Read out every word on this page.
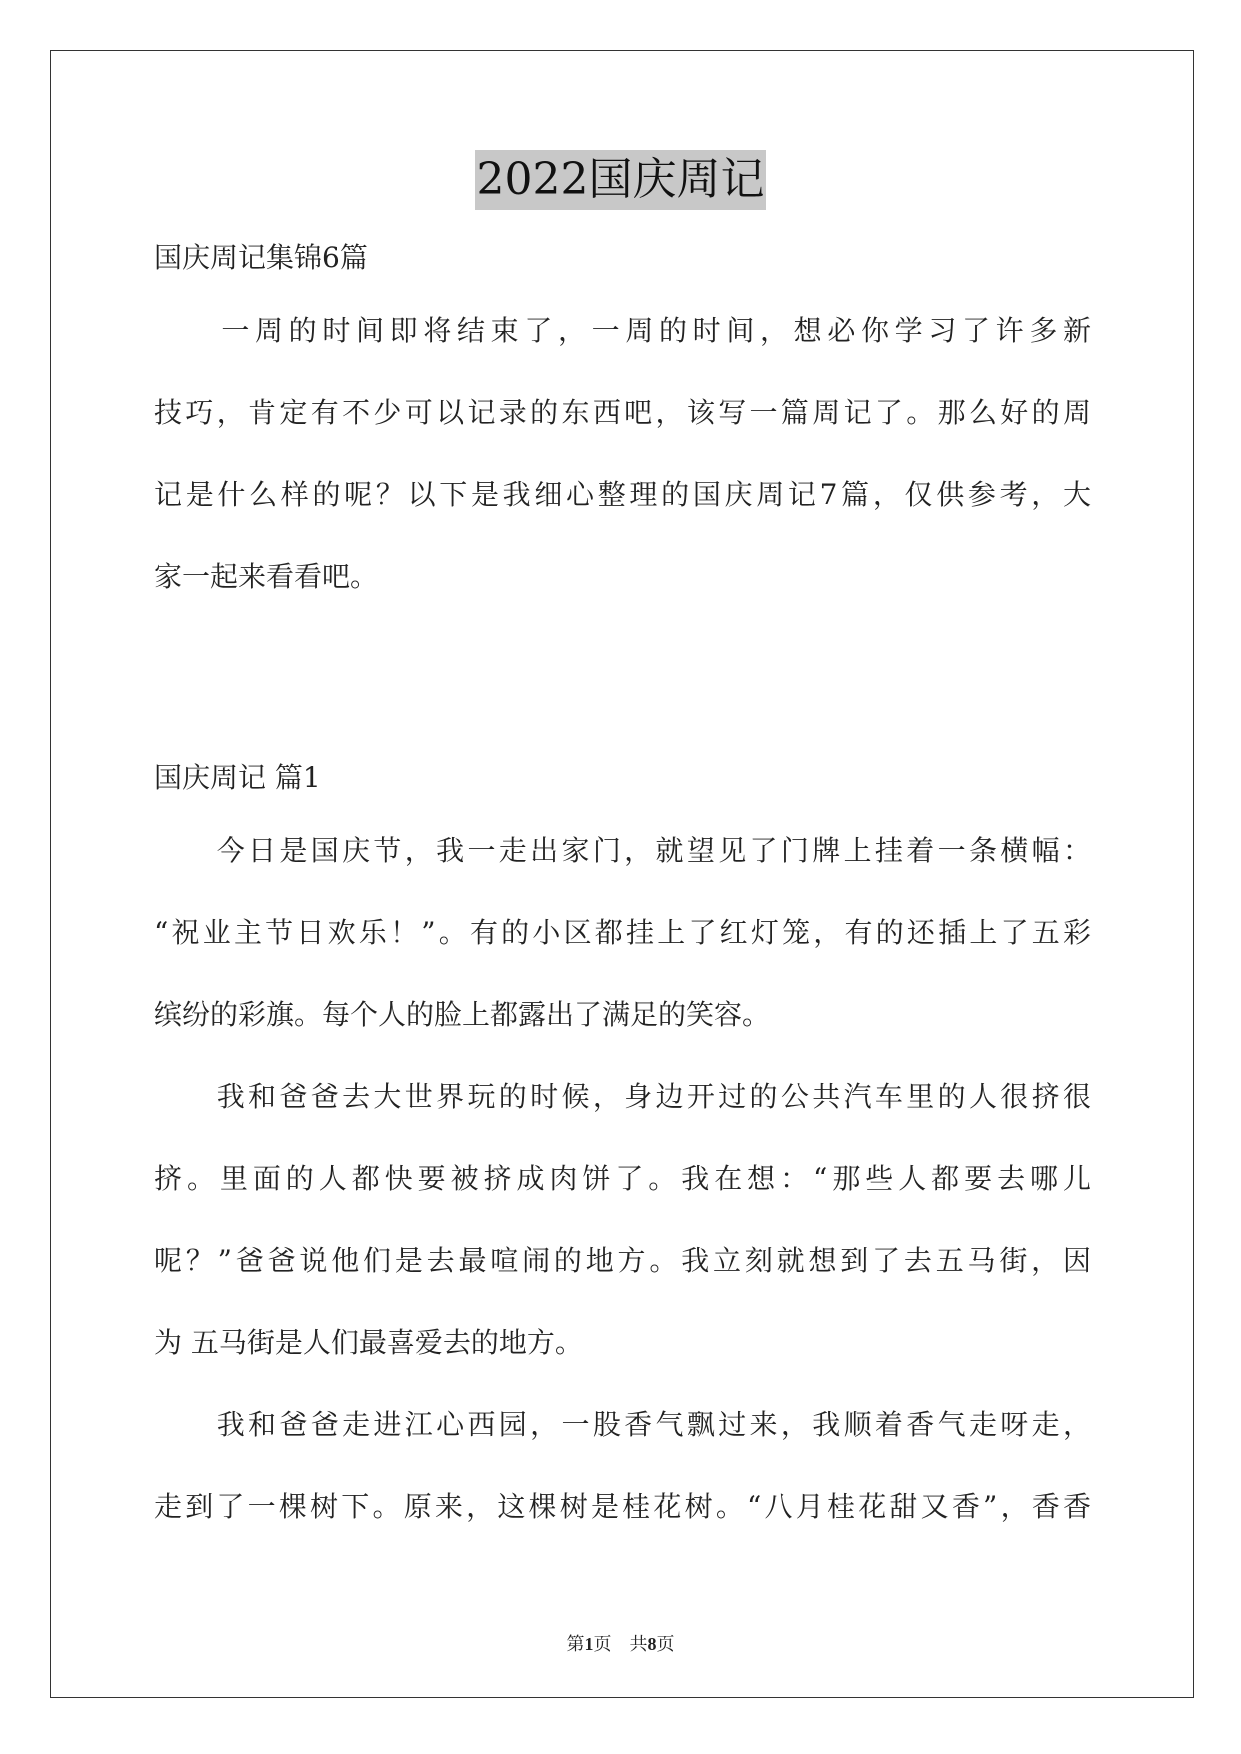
2022国庆周记
国庆周记集锦6篇
　　一周的时间即将结束了，一周的时间，想必你学习了许多新
技巧，肯定有不少可以记录的东西吧，该写一篇周记了。那么好的周
记是什么样的呢？以下是我细心整理的国庆周记7篇，仅供参考，大
家一起来看看吧。
国庆周记 篇1
　　今日是国庆节，我一走出家门，就望见了门牌上挂着一条横幅：
“祝业主节日欢乐！”。有的小区都挂上了红灯笼，有的还插上了五彩
缤纷的彩旗。每个人的脸上都露出了满足的笑容。
　　我和爸爸去大世界玩的时候，身边开过的公共汽车里的人很挤很
挤。里面的人都快要被挤成肉饼了。我在想：“那些人都要去哪儿
呢？”爸爸说他们是去最喧闹的地方。我立刻就想到了去五马街，因
为 五马街是人们最喜爱去的地方。
　　我和爸爸走进江心西园，一股香气飘过来，我顺着香气走呀走，
走到了一棵树下。原来，这棵树是桂花树。“八月桂花甜又香”，香香
第1页　共8页
